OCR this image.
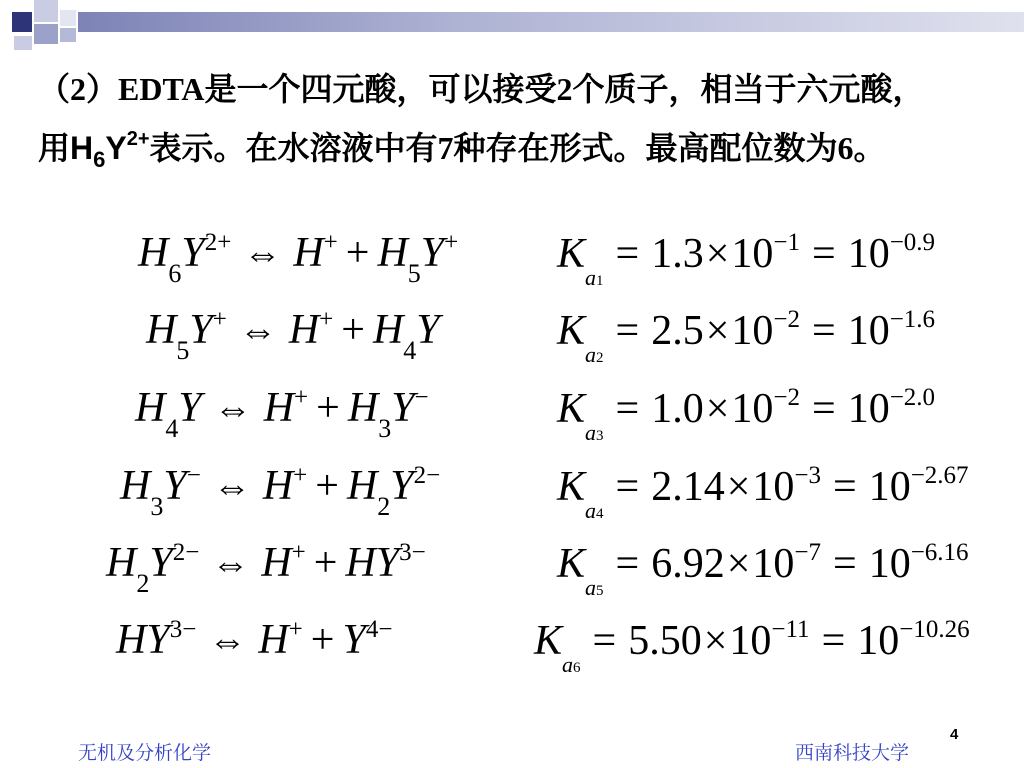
（2）EDTA是一个四元酸，可以接受2个质子，相当于六元酸，
用$H_6Y^{2+}$表示。在水溶液中有7种存在形式。最高配位数为6。
$H_6Y^{2+}$ ⇔ $H^+ + H_5Y^+$
$H_5Y^+$ ⇔ $H^+ + H_4Y$
$H_4Y$ ⇔ $H^+ + H_3Y^-$
$H_3Y^-$ ⇔ $H^+ + H_2Y^{2-}$
$H_2Y^{2-}$ ⇔ $H^+ + HY^{3-}$
$HY^{3-}$ ⇔ $H^+ + Y^{4-}$
$K_{a1}= 1.3\times 10^{-1} = 10^{-0.9}$
$K_{a2}= 2.5\times 10^{-2} = 10^{-1.6}$
$K_{a3}= 1.0\times 10^{-2} = 10^{-2.0}$
$K_{a4}= 2.14\times 10^{-3} = 10^{-2.67}$
$K_{a5}= 6.92\times 10^{-7} = 10^{-6.16}$
$K_{a6}= 5.50\times 10^{-11} = 10^{-10.26}$
无机及分析化学	西南科技大学
4
